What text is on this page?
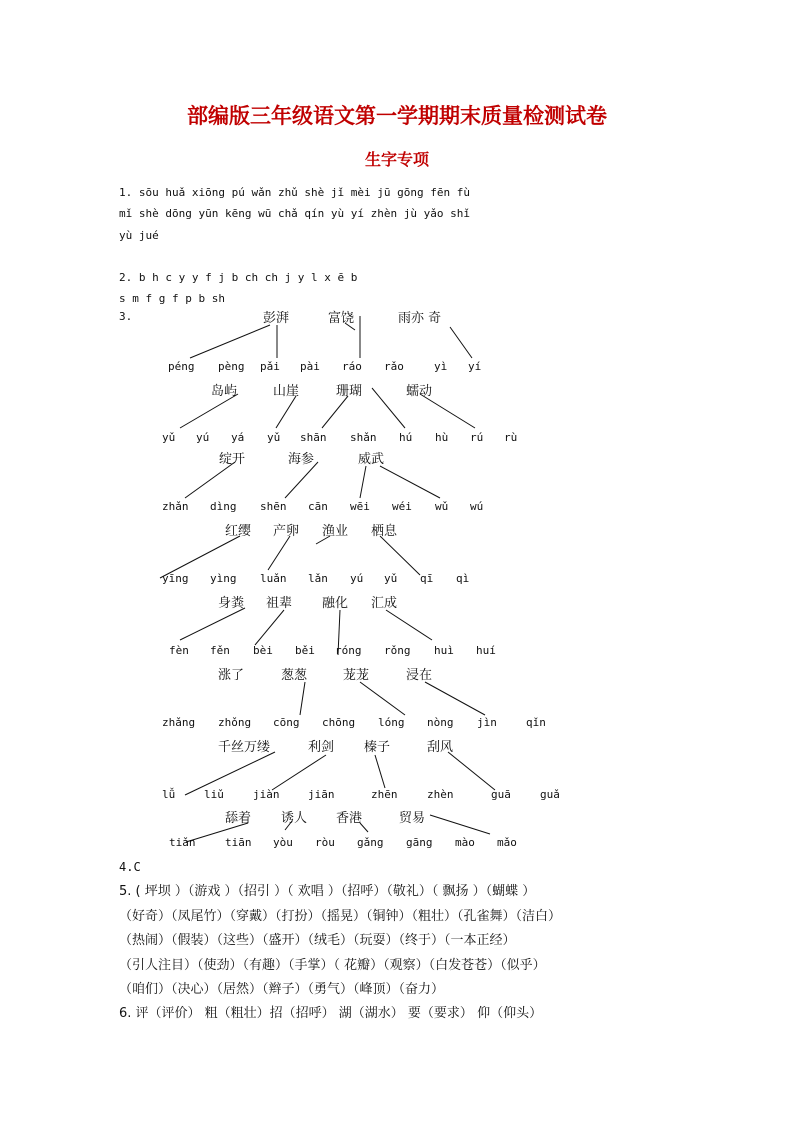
部编版三年级语文第一学期期末质量检测试卷
生字专项
1. sōu huǎ xiōng pú wǎn zhǔ shè jǐ mèi jū gōng fēn fù
mǐ shè dōng yūn kēng wū chǎ qín yù yí zhèn jù yǎo shǐ
yù jué
2. b h c y y f j b ch ch j y l x ē b
s m f g f p b sh
3.	彭湃	富饶	雨亦 奇
péng pèng pǎi pài ráo rǎo	yì yí
岛屿	山崖	珊瑚	蠕动
yǔ yú yá yǔ shān shǎn hú hù rú rù
绽开	海参	威武
zhǎn dìng shēn cān wēi wéi wǔ wú
红缨 产卵 渔业 栖息
yīng yìng luǎn lǎn yú yǔ qī qì
身粪 祖辈 融化 汇成
fèn fěn bèi běi róng rǒng huì huí
涨了	葱葱	茏茏	浸在
zhǎng zhǒng cōng chōng lóng nòng jìn	qǐn
千丝万缕	利剑 榛子	刮风
lǚ	liǔ	jiàn	jiān	zhēn	zhèn	guā	guǎ
舔着 诱人 香港	贸易
tiǎn	tiān yòu ròu gǎng gāng mào mǎo
4.C
5. ( 坪坝 ）（游戏 ）（招引 ）（ 欢唱 ）（招呼）（敬礼）（ 飘扬 ）（蝴蝶 ）
（好奇）（凤尾竹）（穿戴）（打扮）（摇晃）（铜钟）（粗壮）（孔雀舞）（洁白）
（热闹）（假装）（这些）（盛开）（绒毛）（玩耍）（终于）（一本正经）
（引人注目）（使劲）（有趣）（手掌）（ 花瓣）（观察）（白发苍苍）（似乎）
（咱们）（决心）（居然）（辫子）（勇气）（峰顶）（奋力）
6. 评（评价） 粗（粗壮）招（招呼） 湖（湖水） 要（要求） 仰（仰头）
